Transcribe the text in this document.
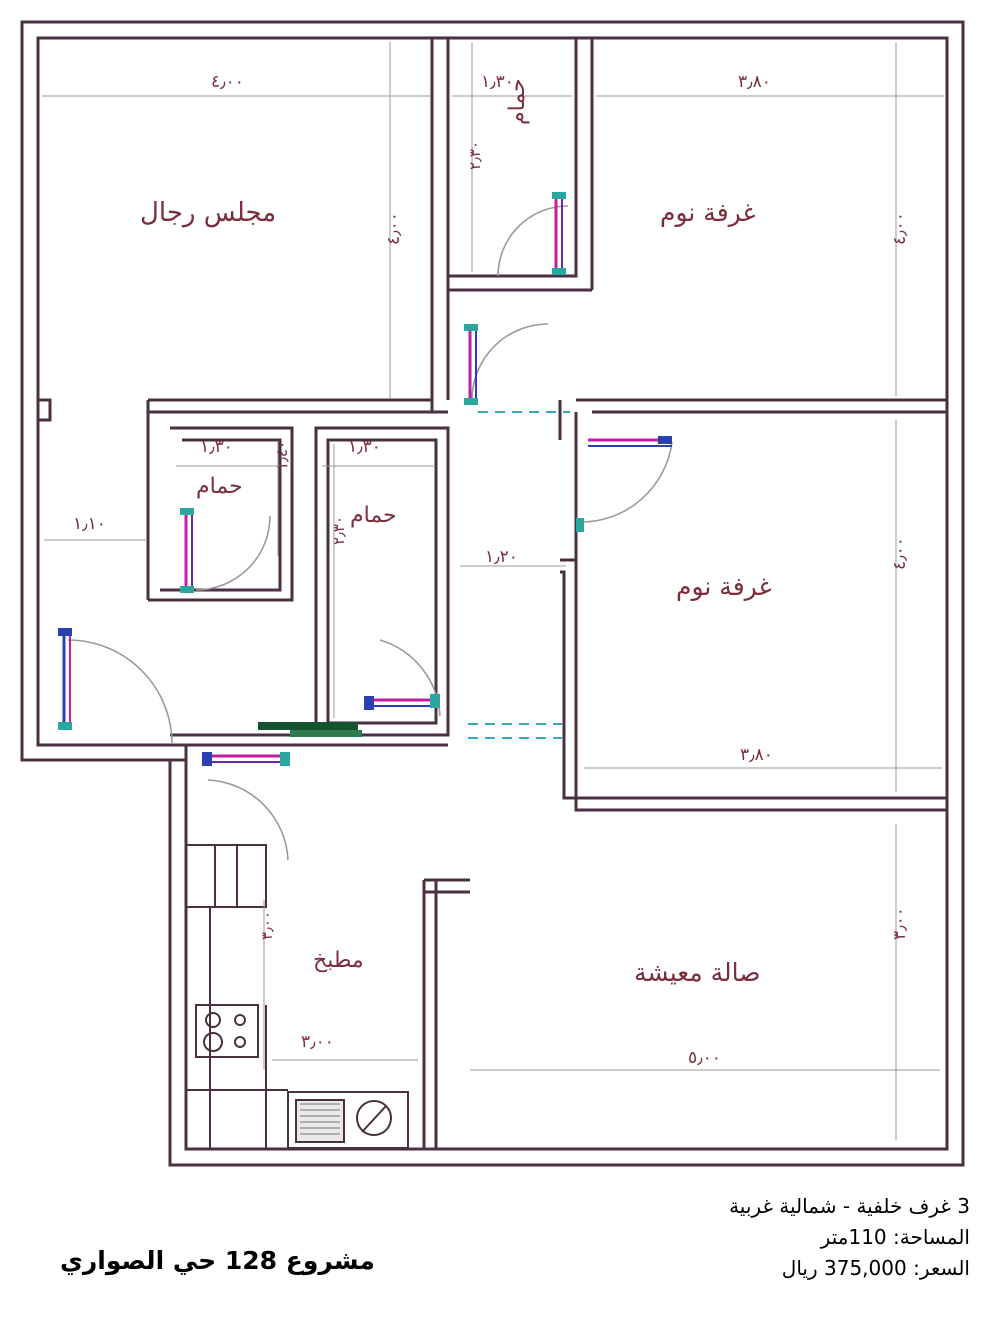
مجلس رجال	غرفة نوم
حمام
حمام
حمام
غرفة نوم
مطبخ	صالة معيشة
٤٫٠٠	١٫٣٠	٣٫٨٠
٤٫٠٠	٤٫٠٠
٢٫٣٠
١٫٣٠	١٫٣٠
١٫١٠
١٫٤٠
٢٫٣٠
١٫٢٠	٤٫٠٠
٣٫٨٠
٣٫٠٠
٣٫٠٠
٥٫٠٠
٣٫٠٠
مشروع 128 حي الصواري
3 غرف خلفية - شمالية غربية
المساحة: 110متر
السعر: 375,000 ريال
